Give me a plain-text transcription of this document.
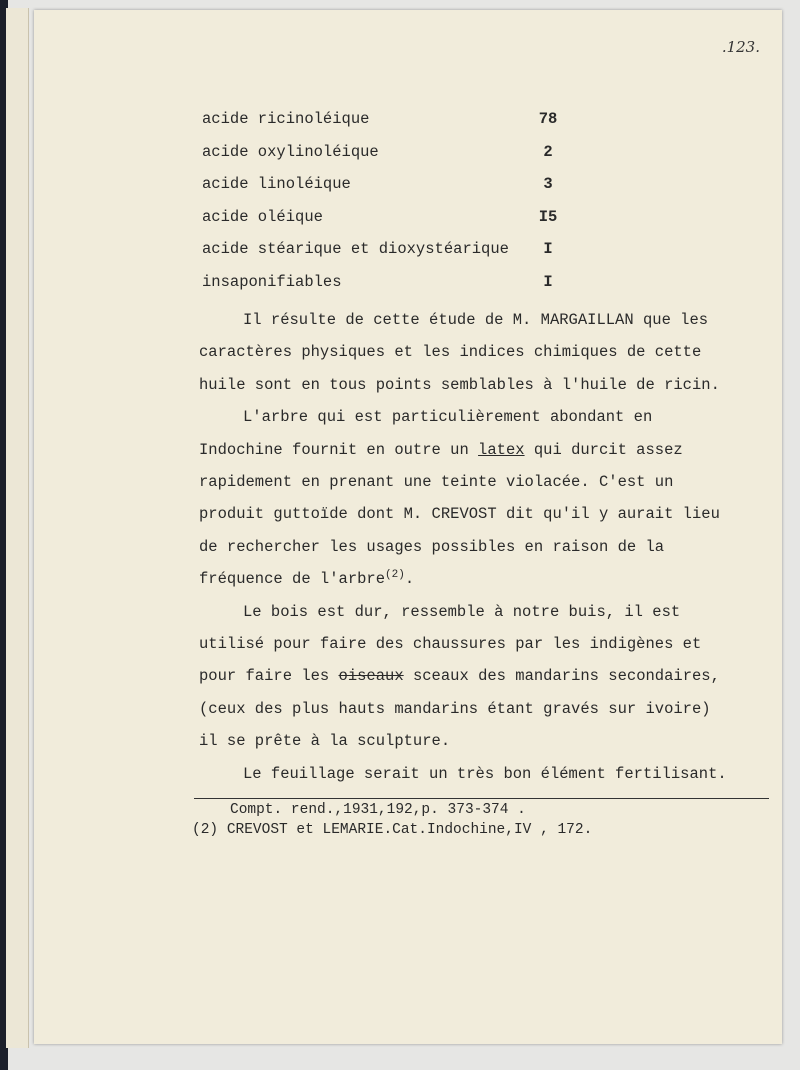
.123.
acide ricinoléique	78
acide oxylinoléique	2
acide linoléique	3
acide oléique	I5
acide stéarique et dioxystéarique	I
insaponifiables	I
Il résulte de cette étude de M. MARGAILLAN que les
caractères physiques et les indices chimiques de cette
huile sont en tous points semblables à l'huile de ricin.
L'arbre qui est particulièrement abondant en
Indochine fournit en outre un latex qui durcit assez
rapidement en prenant une teinte violacée. C'est un
produit guttoïde dont M. CREVOST dit qu'il y aurait lieu
de rechercher les usages possibles en raison de la
fréquence de l'arbre$^{(2)}$.
Le bois est dur, ressemble à notre buis, il est
utilisé pour faire des chaussures par les indigènes et
pour faire les oiseaux sceaux des mandarins secondaires,
(ceux des plus hauts mandarins étant gravés sur ivoire)
il se prête à la sculpture.
Le feuillage serait un très bon élément fertilisant.
Compt. rend.,1931,192,p. 373-374 .
(2) CREVOST et LEMARIE.Cat.Indochine,IV , 172.
